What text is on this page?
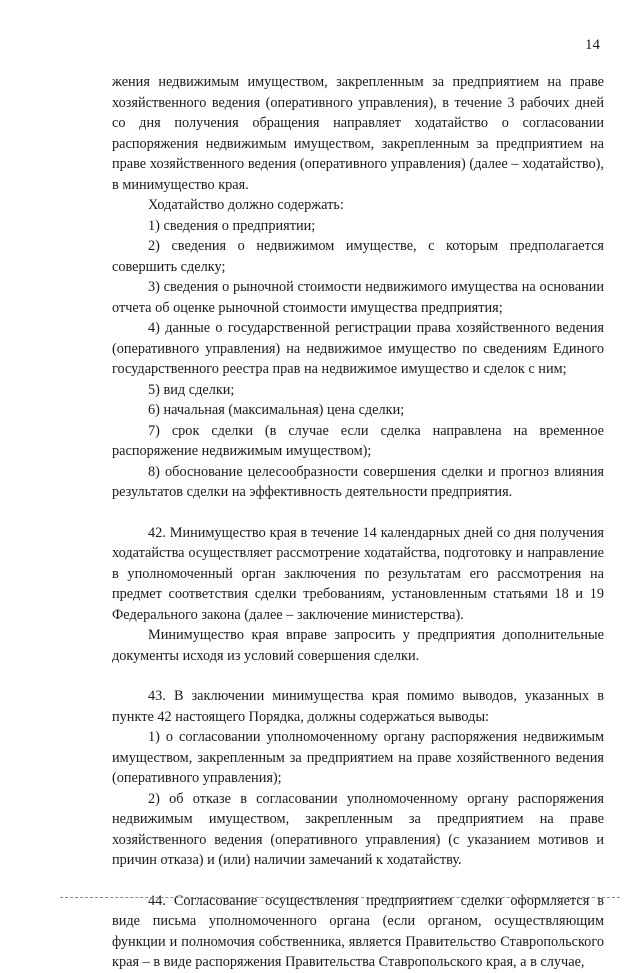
14

жения недвижимым имуществом, закрепленным за предприятием на праве хозяйственного ведения (оперативного управления), в течение 3 рабочих дней со дня получения обращения направляет ходатайство о согласовании распоряжения недвижимым имуществом, закрепленным за предприятием на праве хозяйственного ведения (оперативного управления) (далее – ходатайство), в минимущество края.

Ходатайство должно содержать:

1) сведения о предприятии;

2) сведения о недвижимом имуществе, с которым предполагается совершить сделку;

3) сведения о рыночной стоимости недвижимого имущества на основании отчета об оценке рыночной стоимости имущества предприятия;

4) данные о государственной регистрации права хозяйственного ведения (оперативного управления) на недвижимое имущество по сведениям Единого государственного реестра прав на недвижимое имущество и сделок с ним;

5) вид сделки;

6) начальная (максимальная) цена сделки;

7) срок сделки (в случае если сделка направлена на временное распоряжение недвижимым имуществом);

8) обоснование целесообразности совершения сделки и прогноз влияния результатов сделки на эффективность деятельности предприятия.

42. Минимущество края в течение 14 календарных дней со дня получения ходатайства осуществляет рассмотрение ходатайства, подготовку и направление в уполномоченный орган заключения по результатам его рассмотрения на предмет соответствия сделки требованиям, установленным статьями 18 и 19 Федерального закона (далее – заключение министерства).

Минимущество края вправе запросить у предприятия дополнительные документы исходя из условий совершения сделки.

43. В заключении минимущества края помимо выводов, указанных в пункте 42 настоящего Порядка, должны содержаться выводы:

1) о согласовании уполномоченному органу распоряжения недвижимым имуществом, закрепленным за предприятием на праве хозяйственного ведения (оперативного управления);

2) об отказе в согласовании уполномоченному органу распоряжения недвижимым имуществом, закрепленным за предприятием на праве хозяйственного ведения (оперативного управления) (с указанием мотивов и причин отказа) и (или) наличии замечаний к ходатайству.

44. Согласование осуществления предприятием сделки оформляется в виде письма уполномоченного органа (если органом, осуществляющим функции и полномочия собственника, является Правительство Ставропольского края – в виде распоряжения Правительства Ставропольского края, а в случае,
